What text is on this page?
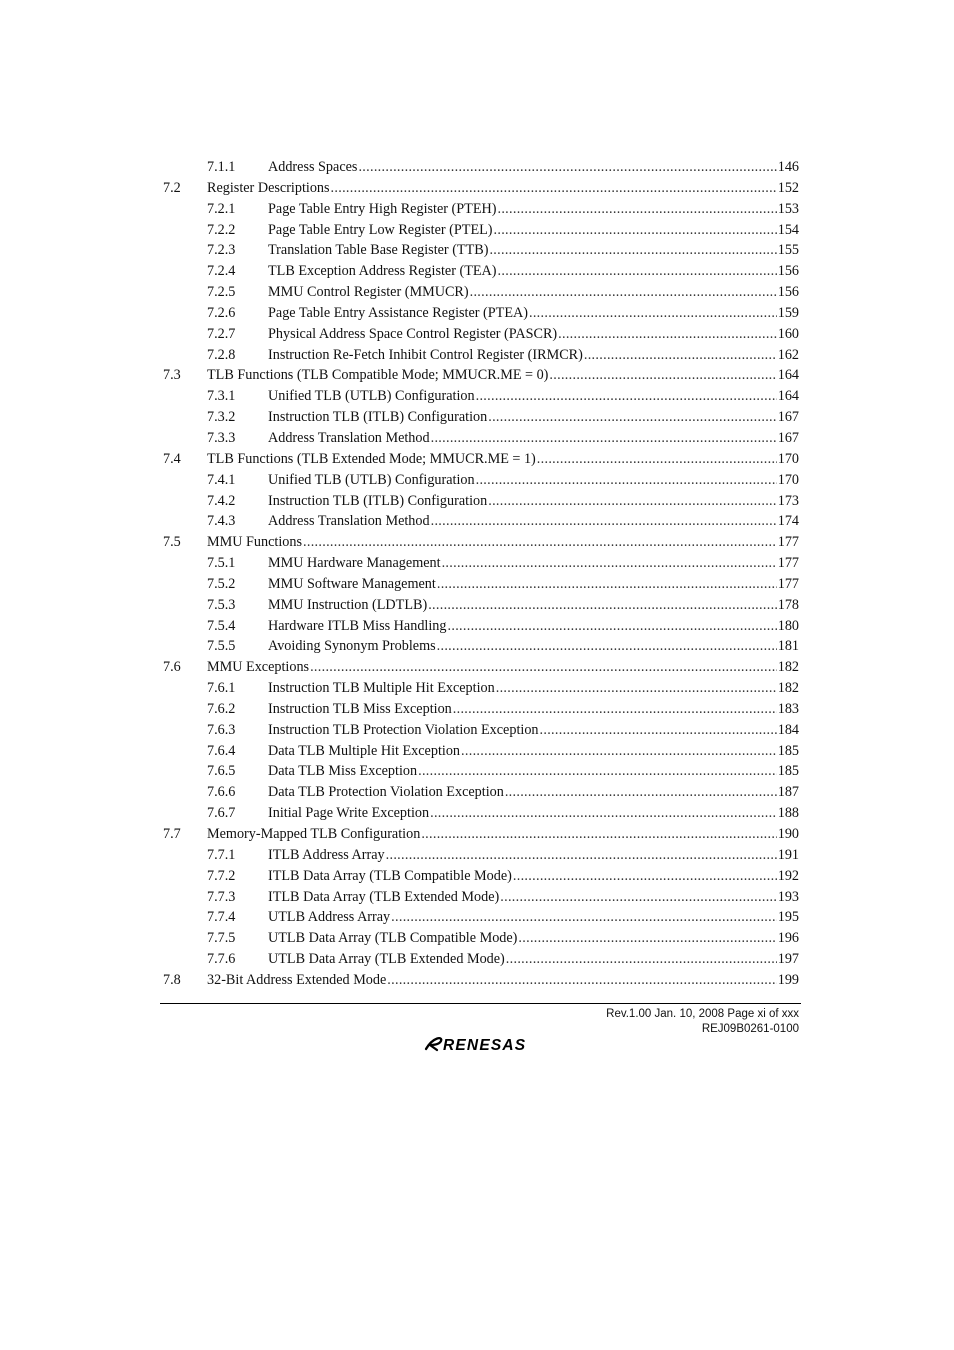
7.1.1 Address Spaces .....	146
7.2 Register Descriptions .....	152
7.2.1 Page Table Entry High Register (PTEH) .....	153
7.2.2 Page Table Entry Low Register (PTEL) .....	154
7.2.3 Translation Table Base Register (TTB) .....	155
7.2.4 TLB Exception Address Register (TEA) .....	156
7.2.5 MMU Control Register (MMUCR) .....	156
7.2.6 Page Table Entry Assistance Register (PTEA) .....	159
7.2.7 Physical Address Space Control Register (PASCR) .....	160
7.2.8 Instruction Re-Fetch Inhibit Control Register (IRMCR) .....	162
7.3 TLB Functions (TLB Compatible Mode; MMUCR.ME = 0) .....	164
7.3.1 Unified TLB (UTLB) Configuration .....	164
7.3.2 Instruction TLB (ITLB) Configuration .....	167
7.3.3 Address Translation Method .....	167
7.4 TLB Functions (TLB Extended Mode; MMUCR.ME = 1) .....	170
7.4.1 Unified TLB (UTLB) Configuration .....	170
7.4.2 Instruction TLB (ITLB) Configuration .....	173
7.4.3 Address Translation Method .....	174
7.5 MMU Functions .....	177
7.5.1 MMU Hardware Management .....	177
7.5.2 MMU Software Management .....	177
7.5.3 MMU Instruction (LDTLB) .....	178
7.5.4 Hardware ITLB Miss Handling .....	180
7.5.5 Avoiding Synonym Problems .....	181
7.6 MMU Exceptions .....	182
7.6.1 Instruction TLB Multiple Hit Exception .....	182
7.6.2 Instruction TLB Miss Exception .....	183
7.6.3 Instruction TLB Protection Violation Exception .....	184
7.6.4 Data TLB Multiple Hit Exception .....	185
7.6.5 Data TLB Miss Exception .....	185
7.6.6 Data TLB Protection Violation Exception .....	187
7.6.7 Initial Page Write Exception .....	188
7.7 Memory-Mapped TLB Configuration .....	190
7.7.1 ITLB Address Array .....	191
7.7.2 ITLB Data Array (TLB Compatible Mode) .....	192
7.7.3 ITLB Data Array (TLB Extended Mode) .....	193
7.7.4 UTLB Address Array .....	195
7.7.5 UTLB Data Array (TLB Compatible Mode) .....	196
7.7.6 UTLB Data Array (TLB Extended Mode) .....	197
7.8 32-Bit Address Extended Mode .....	199
Rev.1.00 Jan. 10, 2008 Page xi of xxx
REJ09B0261-0100
RENESAS
